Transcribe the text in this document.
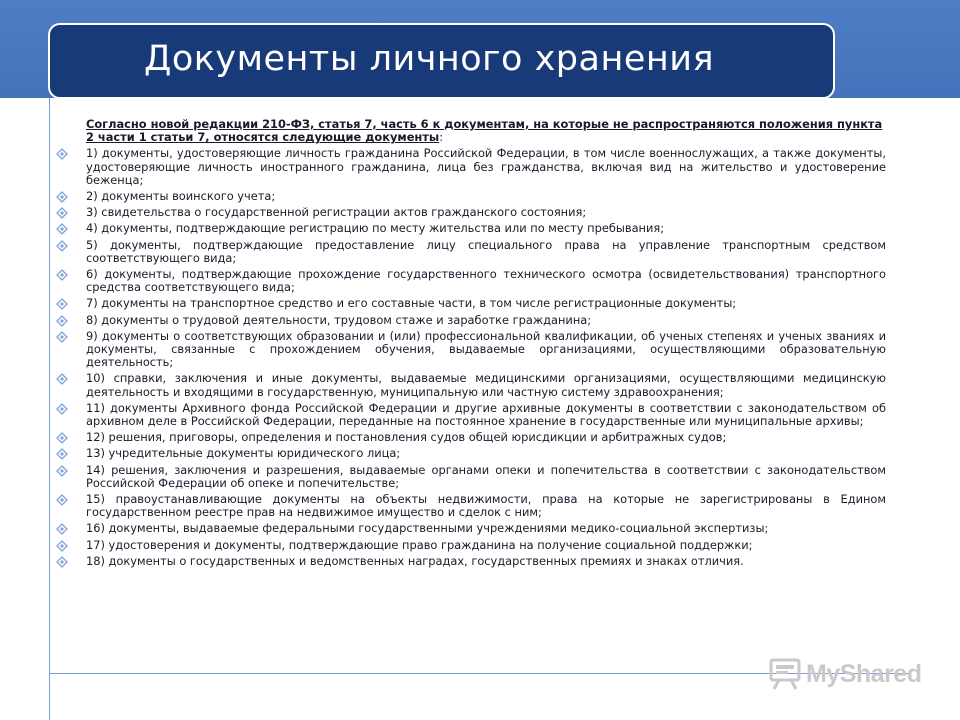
Документы личного хранения
Согласно новой редакции 210-ФЗ, статья 7, часть 6 к документам, на которые не распространяются положения пункта 2 части 1 статьи 7, относятся следующие документы:
1) документы, удостоверяющие личность гражданина Российской Федерации, в том числе военнослужащих, а также документы, удостоверяющие личность иностранного гражданина, лица без гражданства, включая вид на жительство и удостоверение беженца;
2) документы воинского учета;
3) свидетельства о государственной регистрации актов гражданского состояния;
4) документы, подтверждающие регистрацию по месту жительства или по месту пребывания;
5) документы, подтверждающие предоставление лицу специального права на управление транспортным средством соответствующего вида;
6) документы, подтверждающие прохождение государственного технического осмотра (освидетельствования) транспортного средства соответствующего вида;
7) документы на транспортное средство и его составные части, в том числе регистрационные документы;
8) документы о трудовой деятельности, трудовом стаже и заработке гражданина;
9) документы о соответствующих образовании и (или) профессиональной квалификации, об ученых степенях и ученых званиях и документы, связанные с прохождением обучения, выдаваемые организациями, осуществляющими образовательную деятельность;
10) справки, заключения и иные документы, выдаваемые медицинскими организациями, осуществляющими медицинскую деятельность и входящими в государственную, муниципальную или частную систему здравоохранения;
11) документы Архивного фонда Российской Федерации и другие архивные документы в соответствии с законодательством об архивном деле в Российской Федерации, переданные на постоянное хранение в государственные или муниципальные архивы;
12) решения, приговоры, определения и постановления судов общей юрисдикции и арбитражных судов;
13) учредительные документы юридического лица;
14) решения, заключения и разрешения, выдаваемые органами опеки и попечительства в соответствии с законодательством Российской Федерации об опеке и попечительстве;
15) правоустанавливающие документы на объекты недвижимости, права на которые не зарегистрированы в Едином государственном реестре прав на недвижимое имущество и сделок с ним;
16) документы, выдаваемые федеральными государственными учреждениями медико-социальной экспертизы;
17) удостоверения и документы, подтверждающие право гражданина на получение социальной поддержки;
18) документы о государственных и ведомственных наградах, государственных премиях и знаках отличия.
MyShared
